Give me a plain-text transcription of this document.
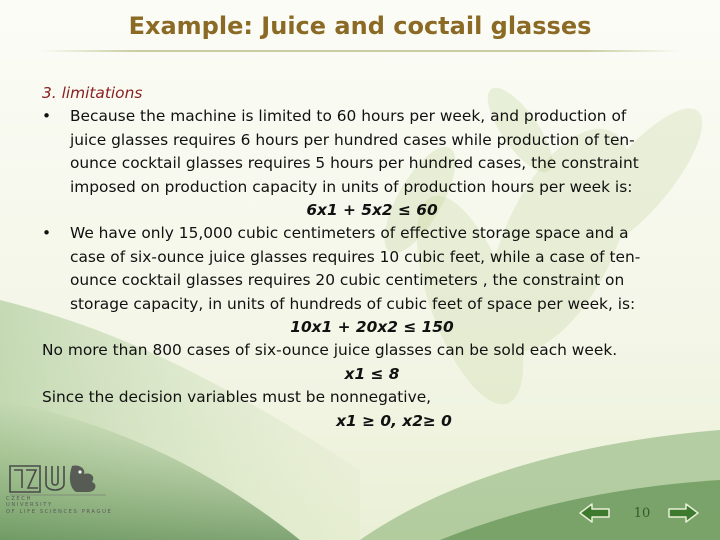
Example: Juice and coctail glasses
3. limitations
• Because the machine is limited to 60 hours per week, and production of
juice glasses requires 6 hours per hundred cases while production of ten-
ounce cocktail glasses requires 5 hours per hundred cases, the constraint
imposed on production capacity in units of production hours per week is:
6x1 + 5x2 ≤ 60
• We have only 15,000 cubic centimeters of effective storage space and a
case of six-ounce juice glasses requires 10 cubic feet, while a case of ten-
ounce cocktail glasses requires 20 cubic centimeters , the constraint on
storage capacity, in units of hundreds of cubic feet of space per week, is:
10x1 + 20x2 ≤ 150
No more than 800 cases of six-ounce juice glasses can be sold each week.
x1 ≤ 8
Since the decision variables must be nonnegative,
x1 ≥ 0, x2≥ 0
CZECH
UNIVERSITY
OF LIFE SCIENCES PRAGUE	10
